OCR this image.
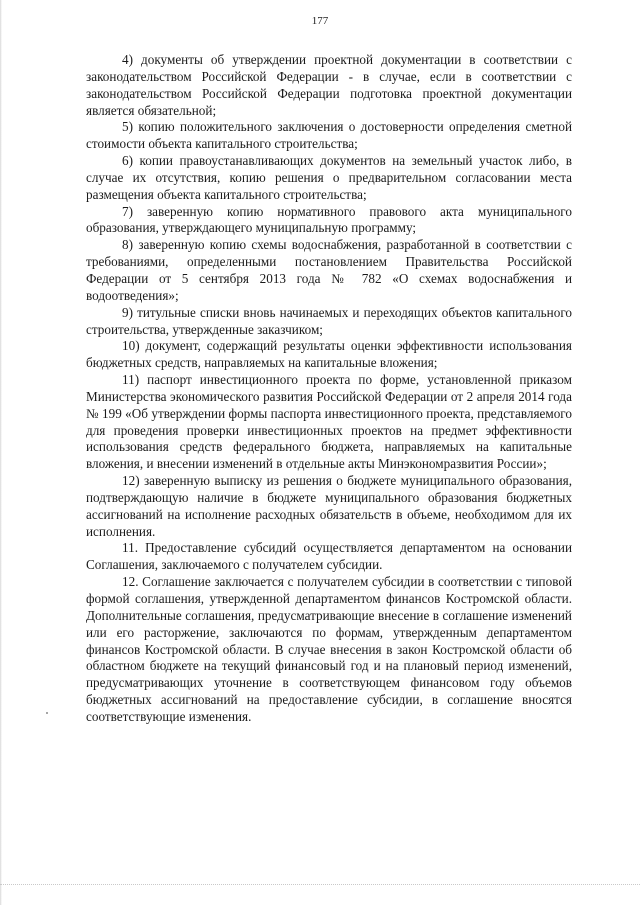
177

4) документы об утверждении проектной документации в соответствии с законодательством Российской Федерации - в случае, если в соответствии с законодательством Российской Федерации подготовка проектной документации является обязательной;

5) копию положительного заключения о достоверности определения сметной стоимости объекта капитального строительства;

6) копии правоустанавливающих документов на земельный участок либо, в случае их отсутствия, копию решения о предварительном согласовании места размещения объекта капитального строительства;

7) заверенную копию нормативного правового акта муниципального образования, утверждающего муниципальную программу;

8) заверенную копию схемы водоснабжения, разработанной в соответствии с требованиями, определенными постановлением Правительства Российской Федерации от 5 сентября 2013 года № 782 «О схемах водоснабжения и водоотведения»;

9) титульные списки вновь начинаемых и переходящих объектов капитального строительства, утвержденные заказчиком;

10) документ, содержащий результаты оценки эффективности использования бюджетных средств, направляемых на капитальные вложения;

11) паспорт инвестиционного проекта по форме, установленной приказом Министерства экономического развития Российской Федерации от 2 апреля 2014 года № 199 «Об утверждении формы паспорта инвестиционного проекта, представляемого для проведения проверки инвестиционных проектов на предмет эффективности использования средств федерального бюджета, направляемых на капитальные вложения, и внесении изменений в отдельные акты Минэкономразвития России»;

12) заверенную выписку из решения о бюджете муниципального образования, подтверждающую наличие в бюджете муниципального образования бюджетных ассигнований на исполнение расходных обязательств в объеме, необходимом для их исполнения.

11. Предоставление субсидий осуществляется департаментом на основании Соглашения, заключаемого с получателем субсидии.

12. Соглашение заключается с получателем субсидии в соответствии с типовой формой соглашения, утвержденной департаментом финансов Костромской области. Дополнительные соглашения, предусматривающие внесение в соглашение изменений или его расторжение, заключаются по формам, утвержденным департаментом финансов Костромской области. В случае внесения в закон Костромской области об областном бюджете на текущий финансовый год и на плановый период изменений, предусматривающих уточнение в соответствующем финансовом году объемов бюджетных ассигнований на предоставление субсидии, в соглашение вносятся соответствующие изменения.
